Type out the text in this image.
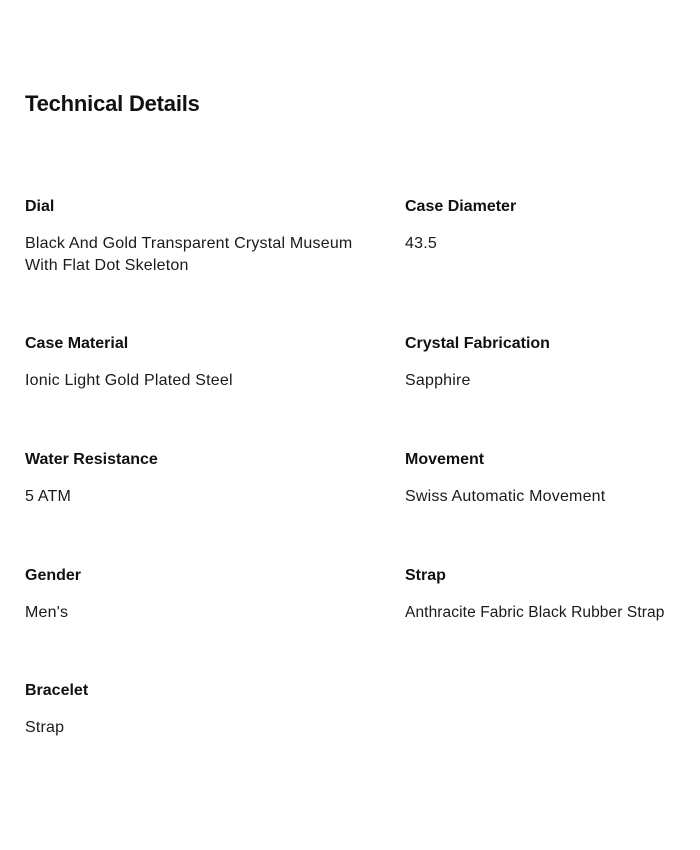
Technical Details

Dial

Black And Gold Transparent Crystal Museum With Flat Dot Skeleton

Case Diameter

43.5

Case Material

Ionic Light Gold Plated Steel

Crystal Fabrication

Sapphire

Water Resistance

5 ATM

Movement

Swiss Automatic Movement

Gender

Men's

Strap

Anthracite Fabric Black Rubber Strap

Bracelet

Strap
